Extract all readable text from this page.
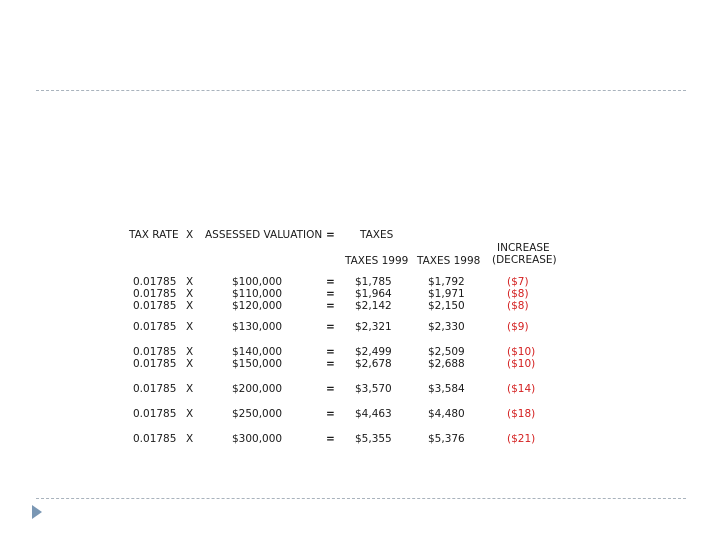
TAX RATE X ASSESSED VALUATION = TAXES
TAXES 1999 TAXES 1998
INCREASE
(DECREASE)
0.01785 X	$100,000	= $1,785	$1,792	($7)
0.01785 X	$110,000	= $1,964	$1,971	($8)
0.01785 X	$120,000	= $2,142	$2,150	($8)
0.01785 X	$130,000	= $2,321	$2,330	($9)
0.01785 X	$140,000	= $2,499	$2,509	($10)
0.01785 X	$150,000	= $2,678	$2,688	($10)
0.01785 X	$200,000	= $3,570	$3,584	($14)
0.01785 X	$250,000	= $4,463	$4,480	($18)
0.01785 X	$300,000	= $5,355	$5,376	($21)
